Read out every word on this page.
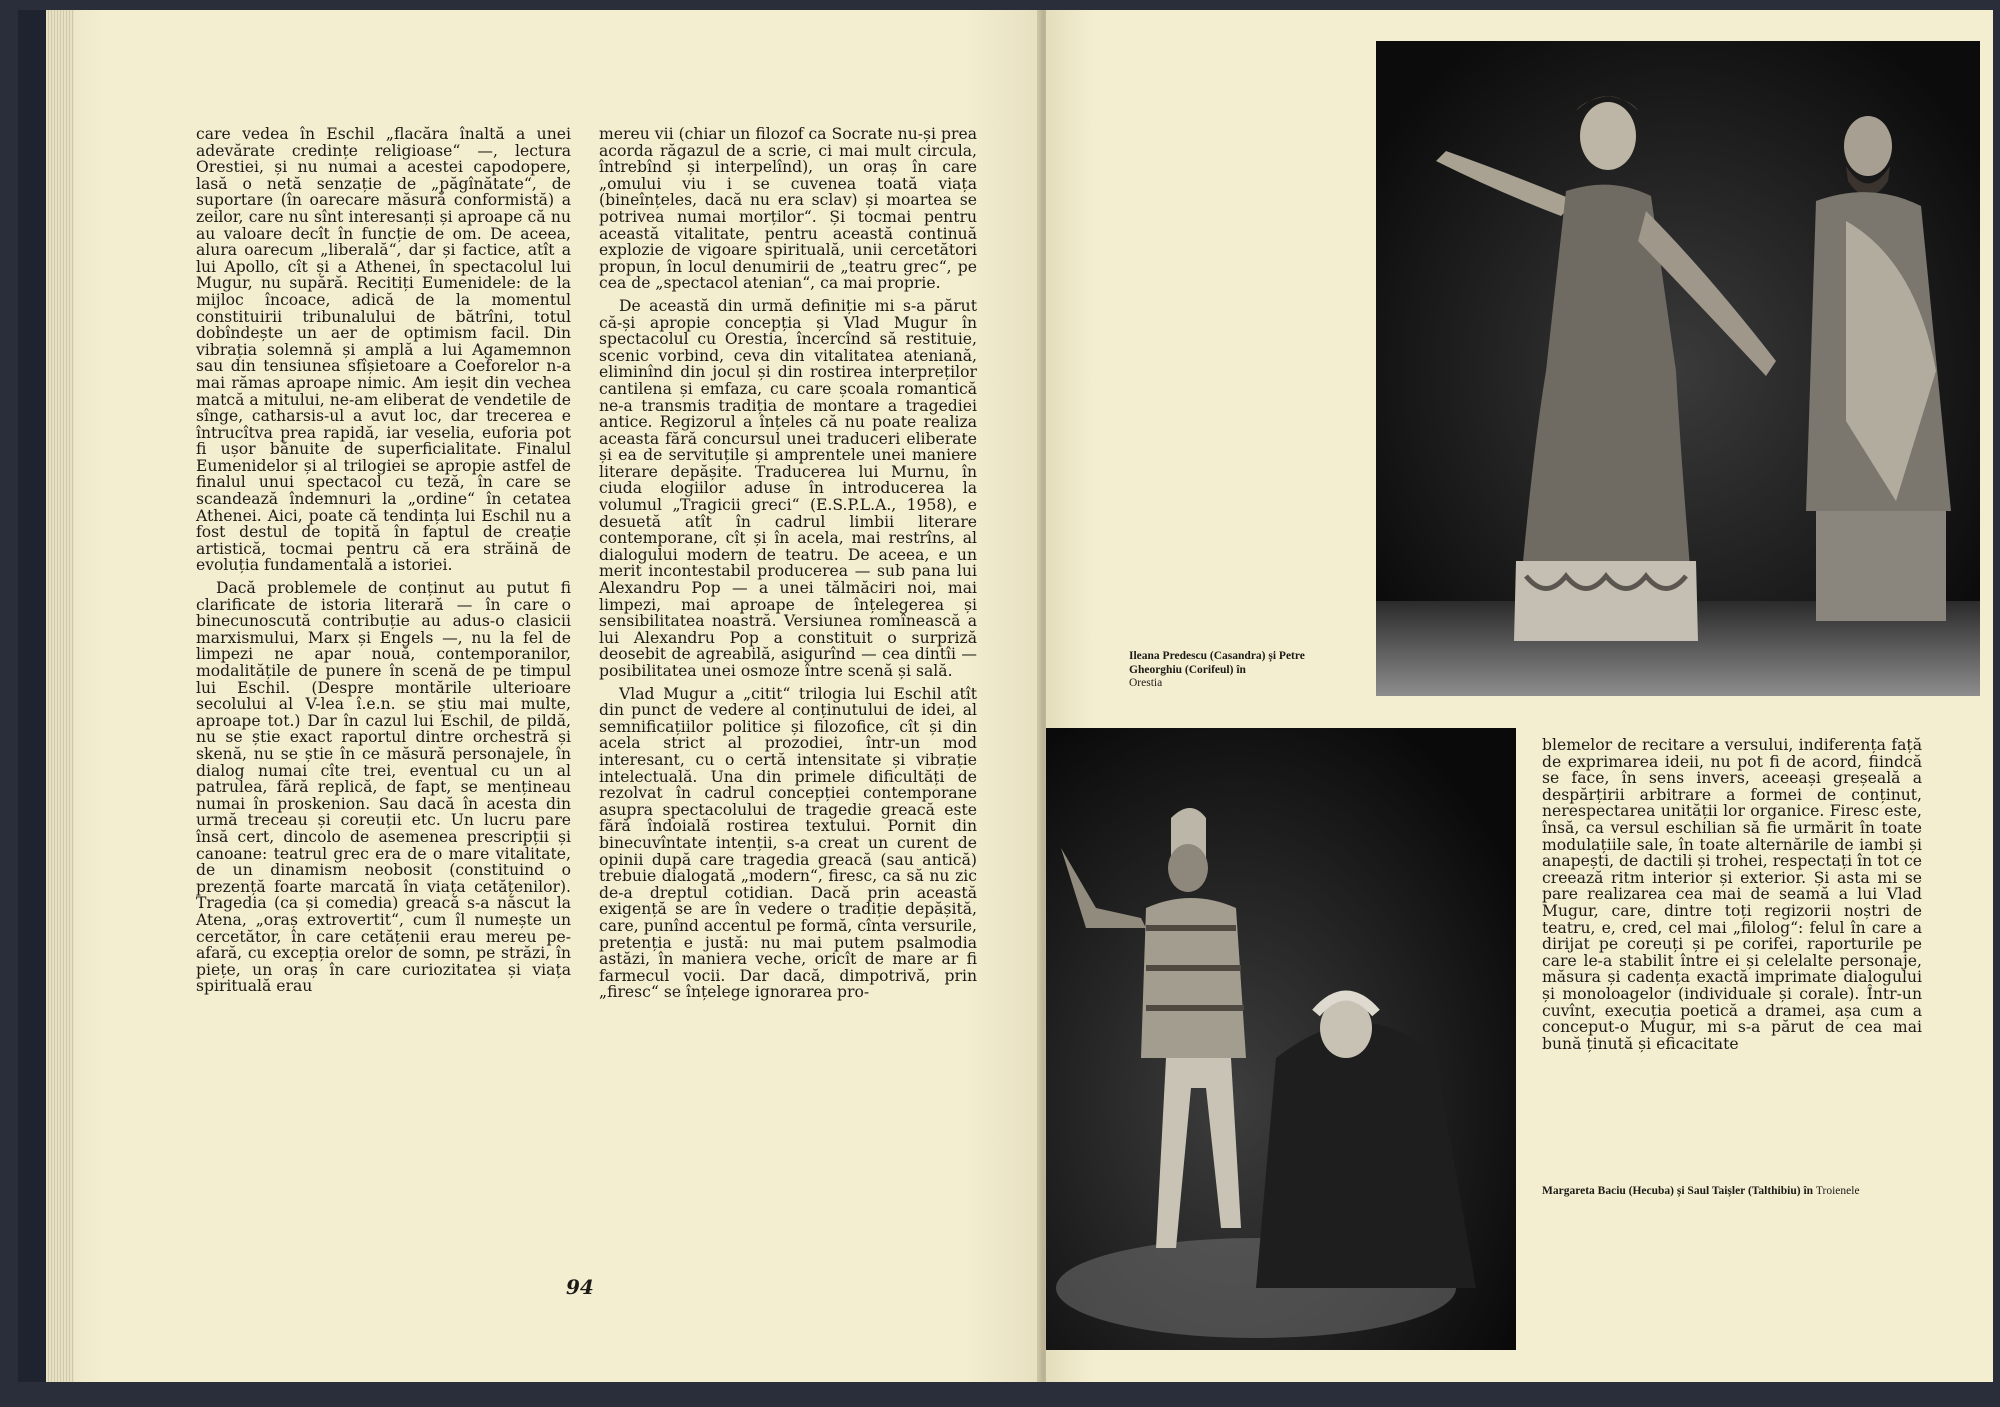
care vedea în Eschil „flacăra înaltă a unei adevărate credințe religioase“ —, lectura Orestiei, și nu numai a acestei capodopere, lasă o netă senzație de „păgînătate“, de suportare (în oarecare măsură conformistă) a zeilor, care nu sînt interesanți și aproape că nu au valoare decît în funcție de om. De aceea, alura oarecum „liberală“, dar și factice, atît a lui Apollo, cît și a Athenei, în spectacolul lui Mugur, nu supără. Recitiți Eumenidele: de la mijloc încoace, adică de la momentul constituirii tribunalului de bătrîni, totul dobîndește un aer de optimism facil. Din vibrația solemnă și amplă a lui Agamemnon sau din tensiunea sfîșietoare a Coeforelor n-a mai rămas aproape nimic. Am ieșit din vechea matcă a mitului, ne-am eliberat de vendetile de sînge, catharsis-ul a avut loc, dar trecerea e întrucîtva prea rapidă, iar veselia, euforia pot fi ușor bănuite de superficialitate. Finalul Eumenidelor și al trilogiei se apropie astfel de finalul unui spectacol cu teză, în care se scandează îndemnuri la „ordine“ în cetatea Athenei. Aici, poate că tendința lui Eschil nu a fost destul de topită în faptul de creație artistică, tocmai pentru că era străină de evoluția fundamentală a istoriei.

Dacă problemele de conținut au putut fi clarificate de istoria literară — în care o binecunoscută contribuție au adus-o clasicii marxismului, Marx și Engels —, nu la fel de limpezi ne apar nouă, contemporanilor, modalitățile de punere în scenă de pe timpul lui Eschil. (Despre montările ulterioare secolului al V-lea î.e.n. se știu mai multe, aproape tot.) Dar în cazul lui Eschil, de pildă, nu se știe exact raportul dintre orchestră și skenă, nu se știe în ce măsură personajele, în dialog numai cîte trei, eventual cu un al patrulea, fără replică, de fapt, se mențineau numai în proskenion. Sau dacă în acesta din urmă treceau și coreuții etc. Un lucru pare însă cert, dincolo de asemenea prescripții și canoane: teatrul grec era de o mare vitalitate, de un dinamism neobosit (constituind o prezență foarte marcată în viața cetățenilor). Tragedia (ca și comedia) greacă s-a născut la Atena, „oraș extrovertit“, cum îl numește un cercetător, în care cetățenii erau mereu pe-afară, cu excepția orelor de somn, pe străzi, în piețe, un oraș în care curiozitatea și viața spirituală erau

mereu vii (chiar un filozof ca Socrate nu-și prea acorda răgazul de a scrie, ci mai mult circula, întrebînd și interpelînd), un oraș în care „omului viu i se cuvenea toată viața (bineînțeles, dacă nu era sclav) și moartea se potrivea numai morților“. Și tocmai pentru această vitalitate, pentru această continuă explozie de vigoare spirituală, unii cercetători propun, în locul denumirii de „teatru grec“, pe cea de „spectacol atenian“, ca mai proprie.

De această din urmă definiție mi s-a părut că-și apropie concepția și Vlad Mugur în spectacolul cu Orestia, încercînd să restituie, scenic vorbind, ceva din vitalitatea ateniană, eliminînd din jocul și din rostirea interpreților cantilena și emfaza, cu care școala romantică ne-a transmis tradiția de montare a tragediei antice. Regizorul a înțeles că nu poate realiza aceasta fără concursul unei traduceri eliberate și ea de servituțile și amprentele unei maniere literare depășite. Traducerea lui Murnu, în ciuda elogiilor aduse în introducerea la volumul „Tragicii greci“ (E.S.P.L.A., 1958), e desuetă atît în cadrul limbii literare contemporane, cît și în acela, mai restrîns, al dialogului modern de teatru. De aceea, e un merit incontestabil producerea — sub pana lui Alexandru Pop — a unei tălmăciri noi, mai limpezi, mai aproape de înțelegerea și sensibilitatea noastră. Versiunea romînească a lui Alexandru Pop a constituit o surpriză deosebit de agreabilă, asigurînd — cea dintîi — posibilitatea unei osmoze între scenă și sală.

Vlad Mugur a „citit“ trilogia lui Eschil atît din punct de vedere al conținutului de idei, al semnificațiilor politice și filozofice, cît și din acela strict al prozodiei, într-un mod interesant, cu o certă intensitate și vibrație intelectuală. Una din primele dificultăți de rezolvat în cadrul concepției contemporane asupra spectacolului de tragedie greacă este fără îndoială rostirea textului. Pornit din binecuvîntate intenții, s-a creat un curent de opinii după care tragedia greacă (sau antică) trebuie dialogată „modern“, firesc, ca să nu zic de-a dreptul cotidian. Dacă prin această exigență se are în vedere o tradiție depășită, care, punînd accentul pe formă, cînta versurile, pretenția e justă: nu mai putem psalmodia astăzi, în maniera veche, oricît de mare ar fi farmecul vocii. Dar dacă, dimpotrivă, prin „firesc“ se înțelege ignorarea pro-

94
Ileana Predescu (Casandra) și Petre Gheorghiu (Corifeul) în
Orestia

blemelor de recitare a versului, indiferența față de exprimarea ideii, nu pot fi de acord, fiindcă se face, în sens invers, aceeași greșeală a despărțirii arbitrare a formei de conținut, nerespectarea unității lor organice. Firesc este, însă, ca versul eschilian să fie urmărit în toate modulațiile sale, în toate alternările de iambi și anapești, de dactili și trohei, respectați în tot ce creează ritm interior și exterior. Și asta mi se pare realizarea cea mai de seamă a lui Vlad Mugur, care, dintre toți regizorii noștri de teatru, e, cred, cel mai „filolog“: felul în care a dirijat pe coreuți și pe corifei, raporturile pe care le-a stabilit între ei și celelalte personaje, măsura și cadența exactă imprimate dialogului și monoloagelor (individuale și corale). Într-un cuvînt, execuția poetică a dramei, așa cum a conceput-o Mugur, mi s-a părut de cea mai bună ținută și eficacitate

Margareta Baciu (Hecuba) și Saul Taișler (Talthibiu) în Troienele
